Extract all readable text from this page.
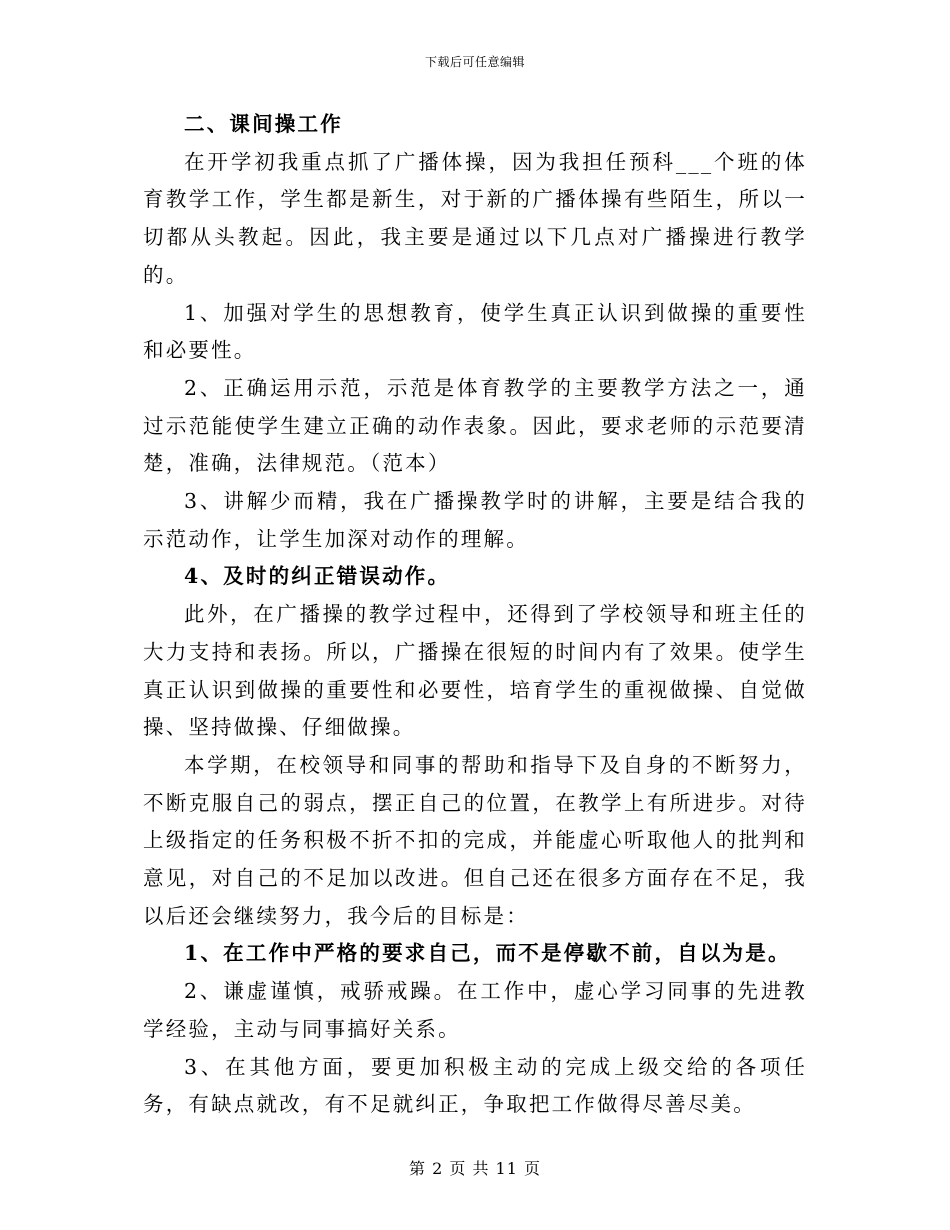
下载后可任意编辑

二、课间操工作

在开学初我重点抓了广播体操，因为我担任预科___个班的体育教学工作，学生都是新生，对于新的广播体操有些陌生，所以一切都从头教起。因此，我主要是通过以下几点对广播操进行教学的。

1、加强对学生的思想教育，使学生真正认识到做操的重要性和必要性。

2、正确运用示范，示范是体育教学的主要教学方法之一，通过示范能使学生建立正确的动作表象。因此，要求老师的示范要清楚，准确，法律规范。（范本）

3、讲解少而精，我在广播操教学时的讲解，主要是结合我的示范动作，让学生加深对动作的理解。

4、及时的纠正错误动作。

此外，在广播操的教学过程中，还得到了学校领导和班主任的大力支持和表扬。所以，广播操在很短的时间内有了效果。使学生真正认识到做操的重要性和必要性，培育学生的重视做操、自觉做操、坚持做操、仔细做操。

本学期，在校领导和同事的帮助和指导下及自身的不断努力，不断克服自己的弱点，摆正自己的位置，在教学上有所进步。对待上级指定的任务积极不折不扣的完成，并能虚心听取他人的批判和意见，对自己的不足加以改进。但自己还在很多方面存在不足，我以后还会继续努力，我今后的目标是：

1、在工作中严格的要求自己，而不是停歇不前，自以为是。

2、谦虚谨慎，戒骄戒躁。在工作中，虚心学习同事的先进教学经验，主动与同事搞好关系。

3、在其他方面，要更加积极主动的完成上级交给的各项任务，有缺点就改，有不足就纠正，争取把工作做得尽善尽美。

第 2 页 共 11 页
